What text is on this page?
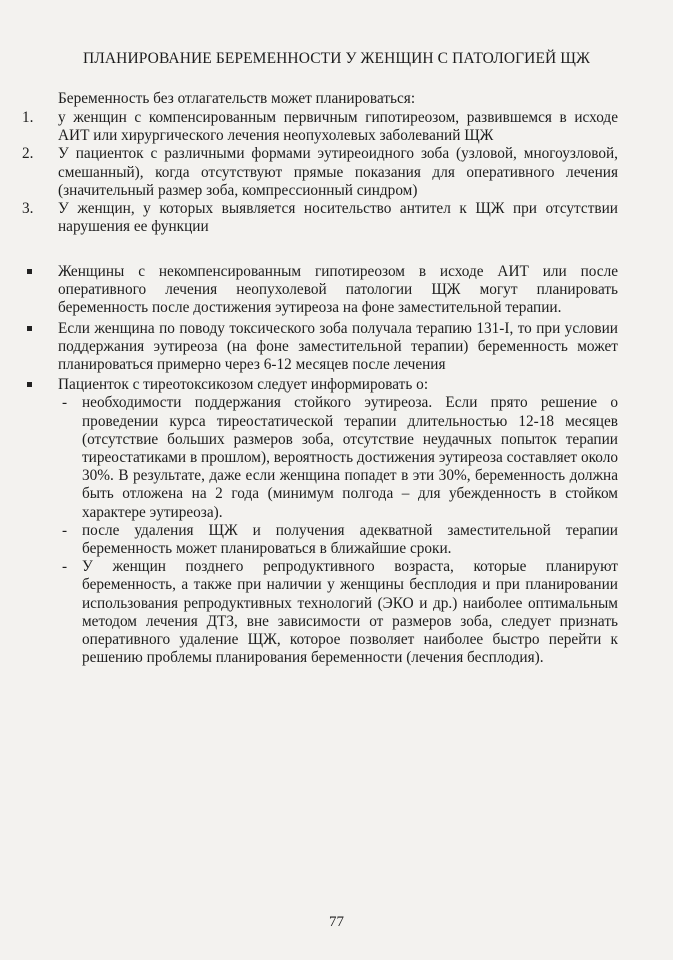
ПЛАНИРОВАНИЕ БЕРЕМЕННОСТИ У ЖЕНЩИН С ПАТОЛОГИЕЙ ЩЖ
Беременность без отлагательств может планироваться:
1. у женщин с компенсированным первичным гипотиреозом, развившемся в исходе АИТ или хирургического лечения неопухолевых заболеваний ЩЖ
2. У пациенток с различными формами эутиреоидного зоба (узловой, многоузловой, смешанный), когда отсутствуют прямые показания для оперативного лечения (значительный размер зоба, компрессионный синдром)
3. У женщин, у которых выявляется носительство антител к ЩЖ при отсутствии нарушения ее функции
Женщины с некомпенсированным гипотиреозом в исходе АИТ или после оперативного лечения неопухолевой патологии ЩЖ могут планировать беременность после достижения эутиреоза на фоне заместительной терапии.
Если женщина по поводу токсического зоба получала терапию 131-I, то при условии поддержания эутиреоза (на фоне заместительной терапии) беременность может планироваться примерно через 6-12 месяцев после лечения
Пациенток с тиреотоксикозом следует информировать о:
- необходимости поддержания стойкого эутиреоза. Если прято решение о проведении курса тиреостатической терапии длительностью 12-18 месяцев (отсутствие больших размеров зоба, отсутствие неудачных попыток терапии тиреостатиками в прошлом), вероятность достижения эутиреоза составляет около 30%. В результате, даже если женщина попадет в эти 30%, беременность должна быть отложена на 2 года (минимум полгода – для убежденность в стойком характере эутиреоза).
- после удаления ЩЖ и получения адекватной заместительной терапии беременность может планироваться в ближайшие сроки.
- У женщин позднего репродуктивного возраста, которые планируют беременность, а также при наличии у женщины бесплодия и при планировании использования репродуктивных технологий (ЭКО и др.) наиболее оптимальным методом лечения ДТЗ, вне зависимости от размеров зоба, следует признать оперативного удаление ЩЖ, которое позволяет наиболее быстро перейти к решению проблемы планирования беременности (лечения бесплодия).
77
